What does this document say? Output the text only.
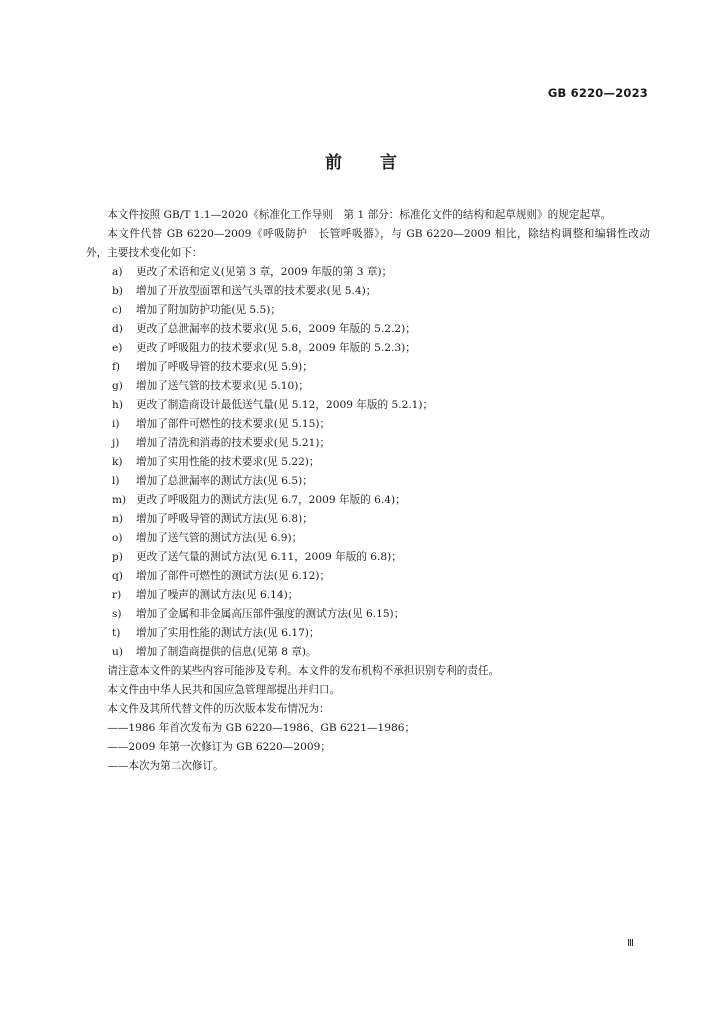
GB 6220—2023
前 言

本文件按照 GB/T 1.1—2020《标准化工作导则　第 1 部分：标准化文件的结构和起草规则》的规定起草。

本文件代替 GB 6220—2009《呼吸防护　长管呼吸器》，与 GB 6220—2009 相比，除结构调整和编辑性改动外，主要技术变化如下：

a)	更改了术语和定义(见第 3 章，2009 年版的第 3 章)；
b)	增加了开放型面罩和送气头罩的技术要求(见 5.4)；
c)	增加了附加防护功能(见 5.5)；
d)	更改了总泄漏率的技术要求(见 5.6，2009 年版的 5.2.2)；
e)	更改了呼吸阻力的技术要求(见 5.8，2009 年版的 5.2.3)；
f)	增加了呼吸导管的技术要求(见 5.9)；
g)	增加了送气管的技术要求(见 5.10)；
h)	更改了制造商设计最低送气量(见 5.12，2009 年版的 5.2.1)；
i)	增加了部件可燃性的技术要求(见 5.15)；
j)	增加了清洗和消毒的技术要求(见 5.21)；
k)	增加了实用性能的技术要求(见 5.22)；
l)	增加了总泄漏率的测试方法(见 6.5)；
m) 更改了呼吸阻力的测试方法(见 6.7，2009 年版的 6.4)；
n)	增加了呼吸导管的测试方法(见 6.8)；
o)	增加了送气管的测试方法(见 6.9)；
p)	更改了送气量的测试方法(见 6.11，2009 年版的 6.8)；
q)	增加了部件可燃性的测试方法(见 6.12)；
r)	增加了噪声的测试方法(见 6.14)；
s)	增加了金属和非金属高压部件强度的测试方法(见 6.15)；
t)	增加了实用性能的测试方法(见 6.17)；
u)	增加了制造商提供的信息(见第 8 章)。

请注意本文件的某些内容可能涉及专利。本文件的发布机构不承担识别专利的责任。

本文件由中华人民共和国应急管理部提出并归口。

本文件及其所代替文件的历次版本发布情况为：

——1986 年首次发布为 GB 6220—1986、GB 6221—1986；

——2009 年第一次修订为 GB 6220—2009；

——本次为第二次修订。

Ⅲ
